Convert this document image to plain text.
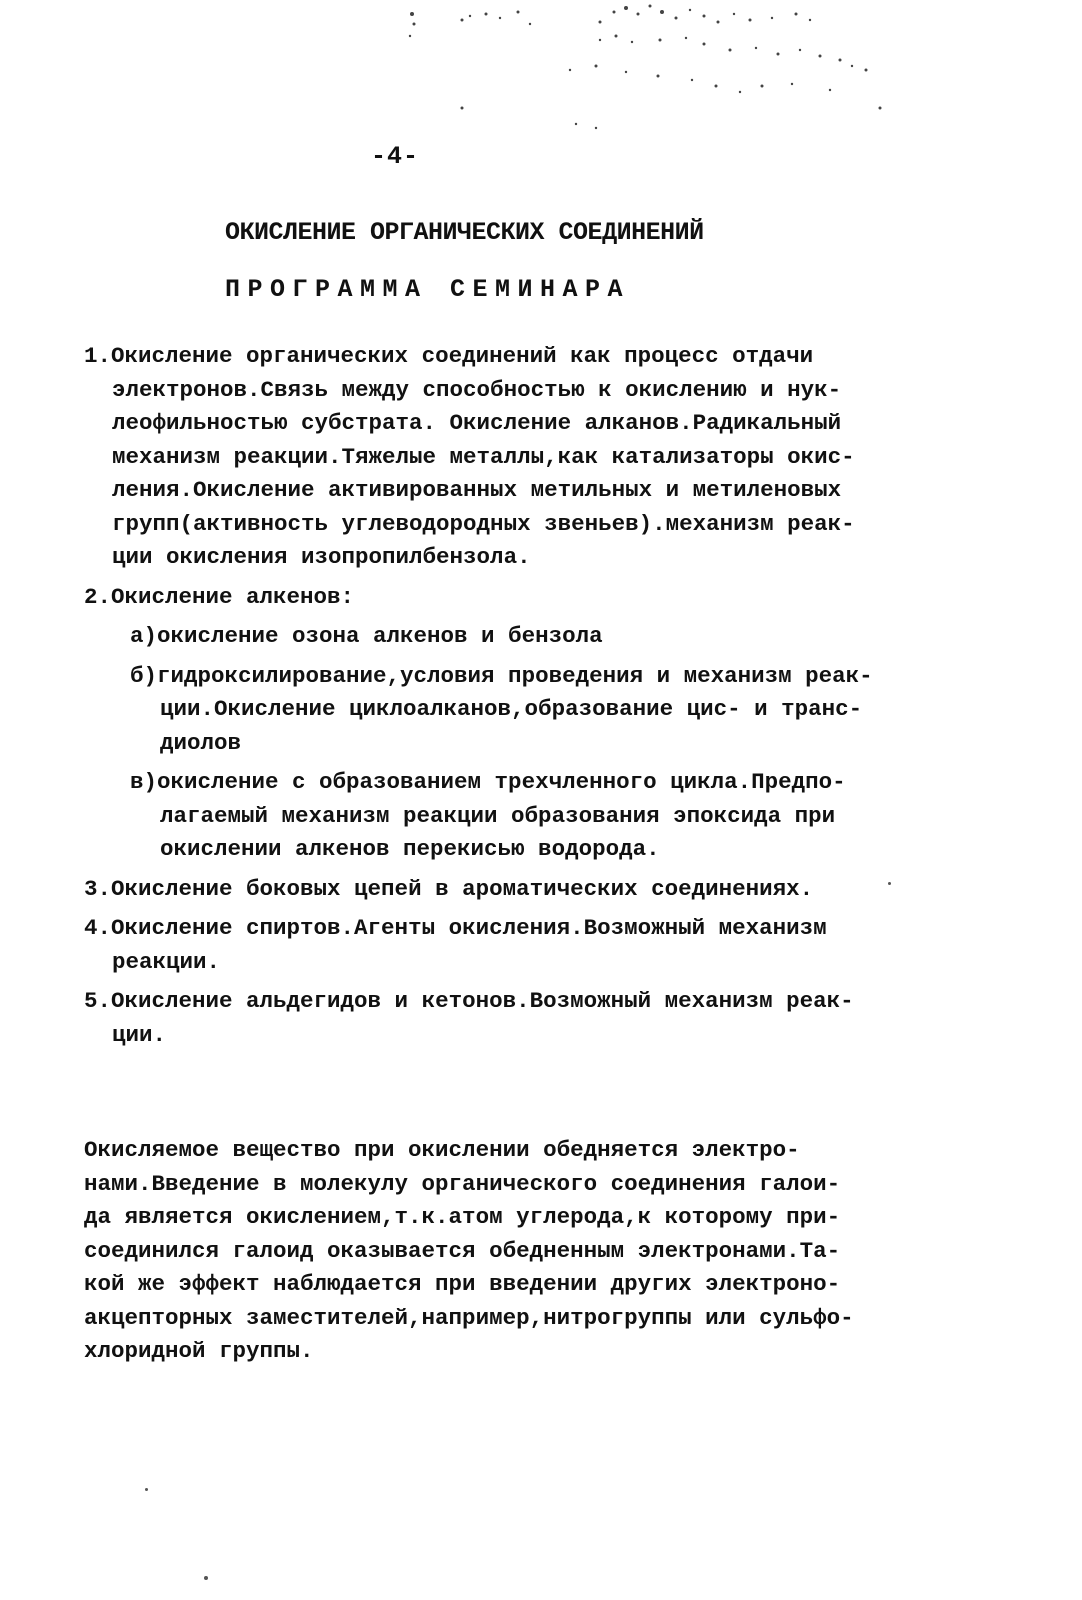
-4-
ОКИСЛЕНИЕ ОРГАНИЧЕСКИХ СОЕДИНЕНИЙ
ПРОГРАММА СЕМИНАРА
1. Окисление органических соединений как процесс отдачи
электронов.Связь между способностью к окислению и нук-
леофильностью субстрата. Окисление алканов.Радикальный
механизм реакции.Тяжелые металлы,как катализаторы окис-
ления.Окисление активированных метильных и метиленовых
групп(активность углеводородных звеньев).механизм реак-
ции окисления изопропилбензола.
2. Окисление алкенов:
а)окисление озона алкенов и бензола
б)гидроксилирование,условия проведения и механизм реак-
ции.Окисление циклоалканов,образование цис- и транс-
диолов
в)окисление с образованием трехчленного цикла.Предпо-
лагаемый механизм реакции образования эпоксида при
окислении алкенов перекисью водорода.
3. Окисление боковых цепей в ароматических соединениях.
4. Окисление спиртов.Агенты окисления.Возможный механизм
реакции.
5. Окисление альдегидов и кетонов.Возможный механизм реак-
ции.
Окисляемое вещество при окислении обедняется электро-
нами.Введение в молекулу органического соединения галои-
да является окислением,т.к.атом углерода,к которому при-
соединился галоид оказывается обедненным электронами.Та-
кой же эффект наблюдается при введении других электроно-
акцепторных заместителей,например,нитрогруппы или сульфо-
хлоридной группы.
